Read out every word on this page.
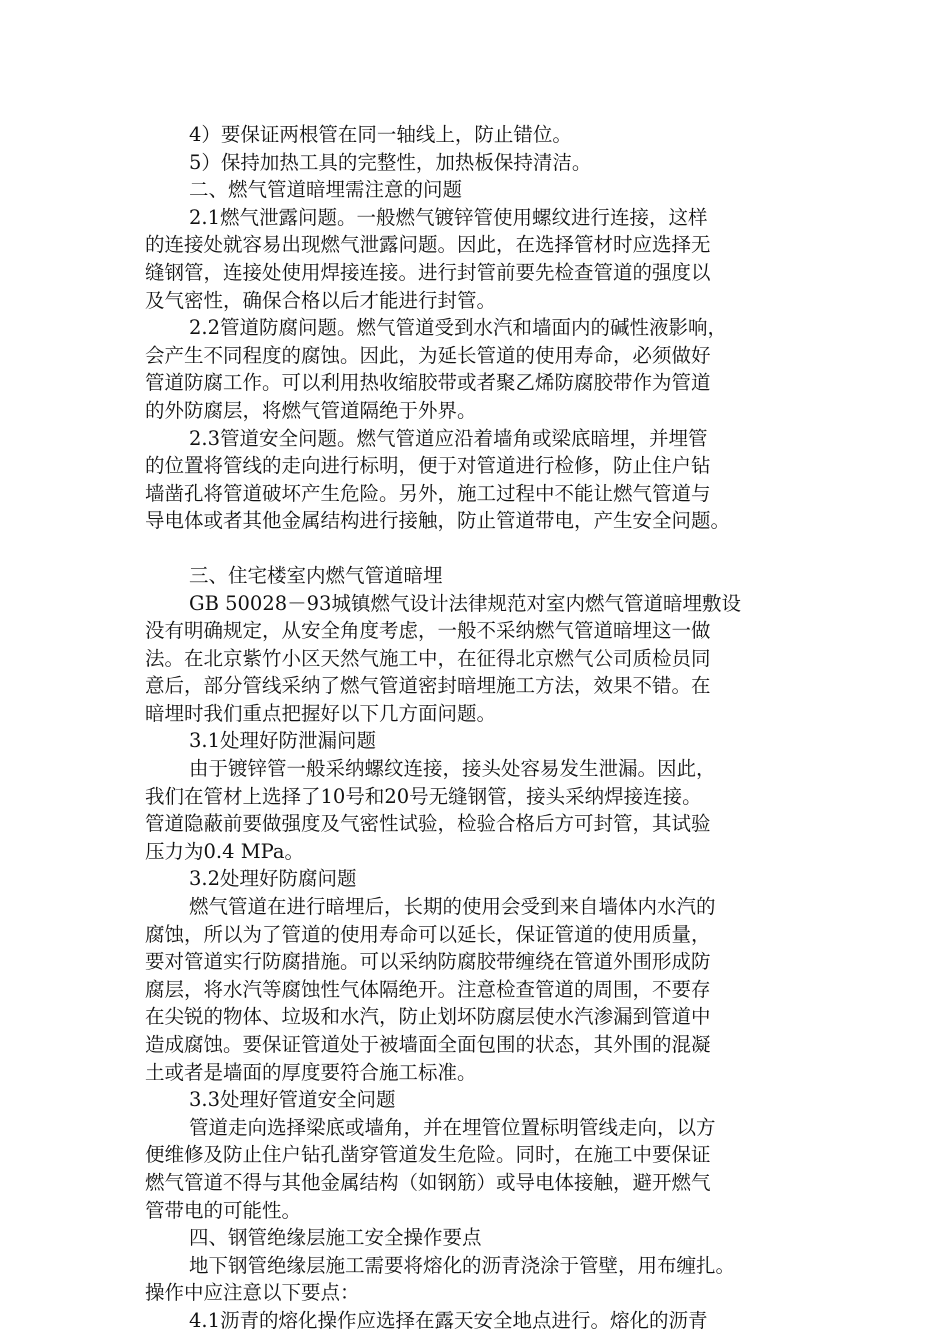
4）要保证两根管在同一轴线上，防止错位。
5）保持加热工具的完整性，加热板保持清洁。
二、燃气管道暗埋需注意的问题
2.1燃气泄露问题。一般燃气镀锌管使用螺纹进行连接，这样
的连接处就容易出现燃气泄露问题。因此，在选择管材时应选择无
缝钢管，连接处使用焊接连接。进行封管前要先检查管道的强度以
及气密性，确保合格以后才能进行封管。
2.2管道防腐问题。燃气管道受到水汽和墙面内的碱性液影响，
会产生不同程度的腐蚀。因此，为延长管道的使用寿命，必须做好
管道防腐工作。可以利用热收缩胶带或者聚乙烯防腐胶带作为管道
的外防腐层，将燃气管道隔绝于外界。
2.3管道安全问题。燃气管道应沿着墙角或梁底暗埋，并埋管
的位置将管线的走向进行标明，便于对管道进行检修，防止住户钻
墙凿孔将管道破坏产生危险。另外，施工过程中不能让燃气管道与
导电体或者其他金属结构进行接触，防止管道带电，产生安全问题。
三、住宅楼室内燃气管道暗埋
GB 50028－93城镇燃气设计法律规范对室内燃气管道暗埋敷设
没有明确规定，从安全角度考虑，一般不采纳燃气管道暗埋这一做
法。在北京紫竹小区天然气施工中，在征得北京燃气公司质检员同
意后，部分管线采纳了燃气管道密封暗埋施工方法，效果不错。在
暗埋时我们重点把握好以下几方面问题。
3.1处理好防泄漏问题
由于镀锌管一般采纳螺纹连接，接头处容易发生泄漏。因此，
我们在管材上选择了10号和20号无缝钢管，接头采纳焊接连接。
管道隐蔽前要做强度及气密性试验，检验合格后方可封管，其试验
压力为0.4 MPa。
3.2处理好防腐问题
燃气管道在进行暗埋后，长期的使用会受到来自墙体内水汽的
腐蚀，所以为了管道的使用寿命可以延长，保证管道的使用质量，
要对管道实行防腐措施。可以采纳防腐胶带缠绕在管道外围形成防
腐层，将水汽等腐蚀性气体隔绝开。注意检查管道的周围，不要存
在尖锐的物体、垃圾和水汽，防止划坏防腐层使水汽渗漏到管道中
造成腐蚀。要保证管道处于被墙面全面包围的状态，其外围的混凝
土或者是墙面的厚度要符合施工标准。
3.3处理好管道安全问题
管道走向选择梁底或墙角，并在埋管位置标明管线走向，以方
便维修及防止住户钻孔凿穿管道发生危险。同时，在施工中要保证
燃气管道不得与其他金属结构（如钢筋）或导电体接触，避开燃气
管带电的可能性。
四、钢管绝缘层施工安全操作要点
地下钢管绝缘层施工需要将熔化的沥青浇涂于管壁，用布缠扎。
操作中应注意以下要点：
4.1沥青的熔化操作应选择在露天安全地点进行。熔化的沥青
